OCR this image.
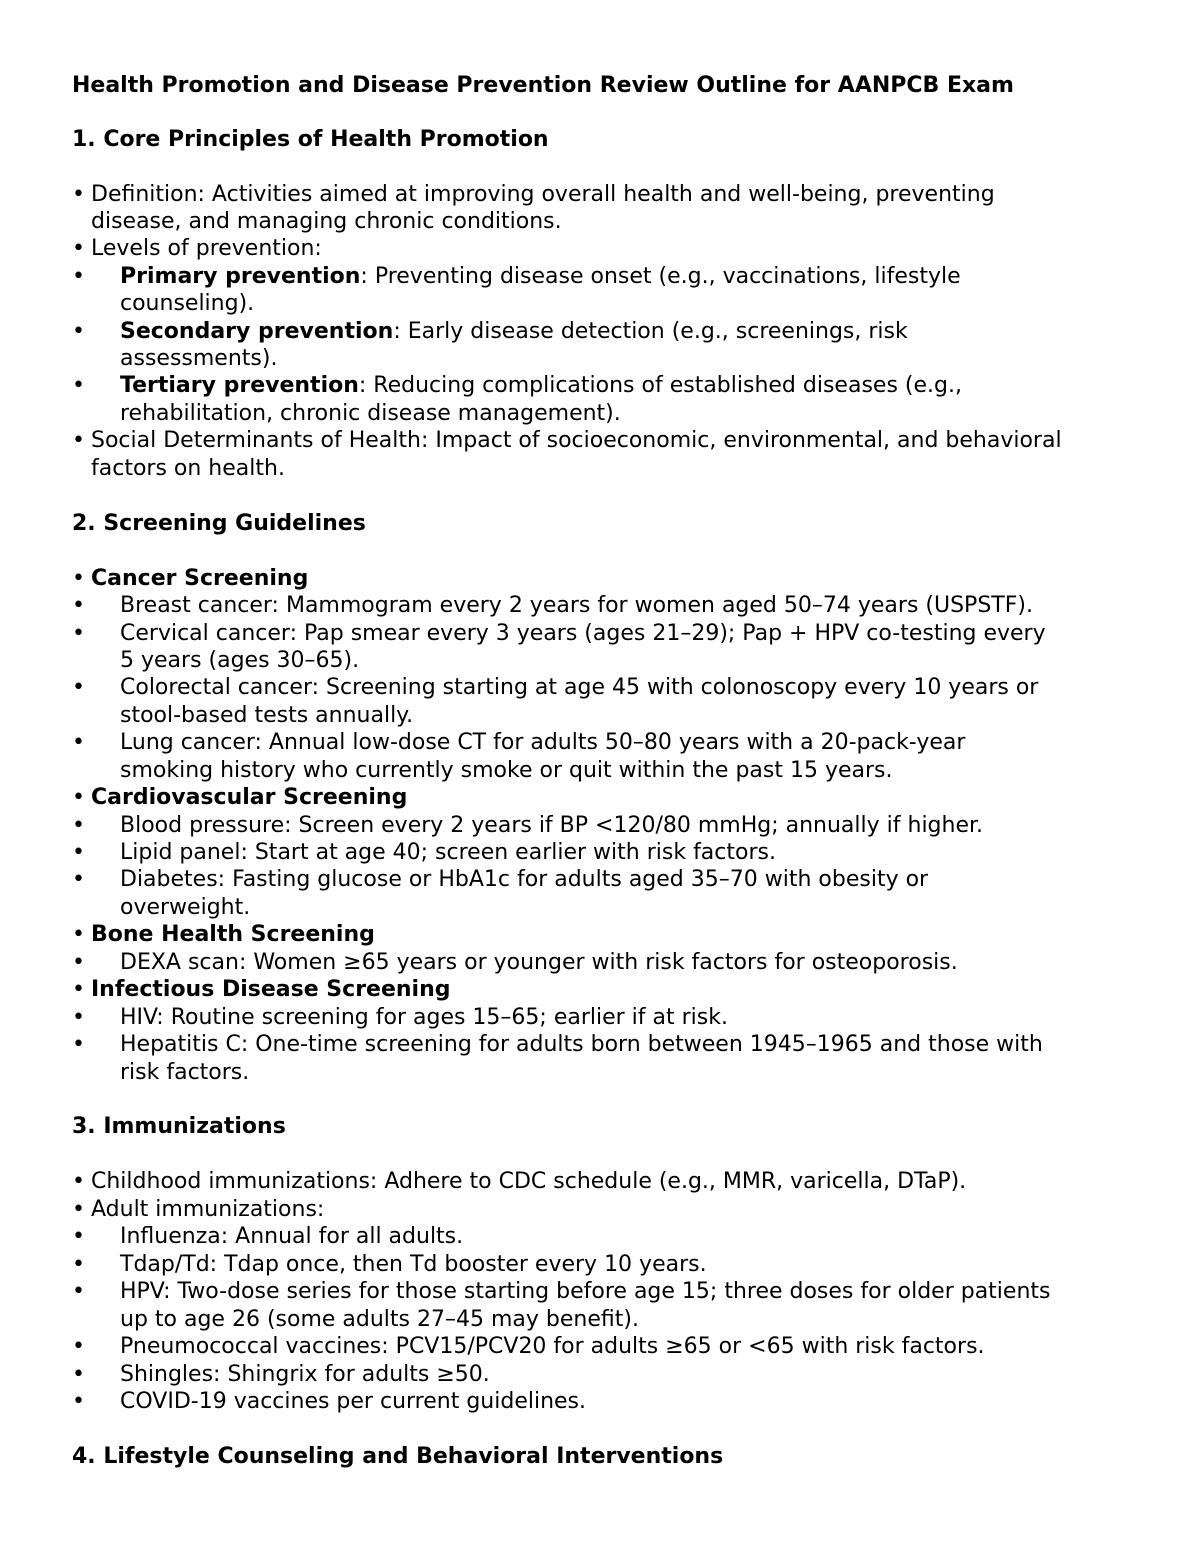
Health Promotion and Disease Prevention Review Outline for AANPCB Exam
1. Core Principles of Health Promotion
• Definition: Activities aimed at improving overall health and well-being, preventing
disease, and managing chronic conditions.
• Levels of prevention:
• Primary prevention: Preventing disease onset (e.g., vaccinations, lifestyle
counseling).
• Secondary prevention: Early disease detection (e.g., screenings, risk
assessments).
• Tertiary prevention: Reducing complications of established diseases (e.g.,
rehabilitation, chronic disease management).
• Social Determinants of Health: Impact of socioeconomic, environmental, and behavioral
factors on health.
2. Screening Guidelines
• Cancer Screening
• Breast cancer: Mammogram every 2 years for women aged 50–74 years (USPSTF).
• Cervical cancer: Pap smear every 3 years (ages 21–29); Pap + HPV co-testing every
5 years (ages 30–65).
• Colorectal cancer: Screening starting at age 45 with colonoscopy every 10 years or
stool-based tests annually.
• Lung cancer: Annual low-dose CT for adults 50–80 years with a 20-pack-year
smoking history who currently smoke or quit within the past 15 years.
• Cardiovascular Screening
• Blood pressure: Screen every 2 years if BP <120/80 mmHg; annually if higher.
• Lipid panel: Start at age 40; screen earlier with risk factors.
• Diabetes: Fasting glucose or HbA1c for adults aged 35–70 with obesity or
overweight.
• Bone Health Screening
• DEXA scan: Women ≥65 years or younger with risk factors for osteoporosis.
• Infectious Disease Screening
• HIV: Routine screening for ages 15–65; earlier if at risk.
• Hepatitis C: One-time screening for adults born between 1945–1965 and those with
risk factors.
3. Immunizations
• Childhood immunizations: Adhere to CDC schedule (e.g., MMR, varicella, DTaP).
• Adult immunizations:
• Influenza: Annual for all adults.
• Tdap/Td: Tdap once, then Td booster every 10 years.
• HPV: Two-dose series for those starting before age 15; three doses for older patients
up to age 26 (some adults 27–45 may benefit).
• Pneumococcal vaccines: PCV15/PCV20 for adults ≥65 or <65 with risk factors.
• Shingles: Shingrix for adults ≥50.
• COVID-19 vaccines per current guidelines.
4. Lifestyle Counseling and Behavioral Interventions
